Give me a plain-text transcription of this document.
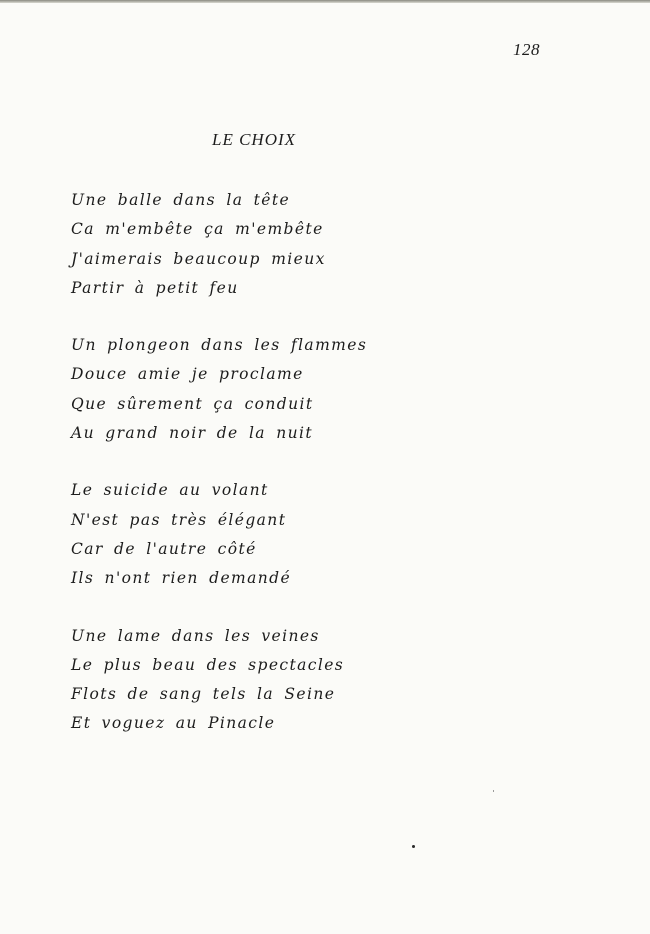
128
LE CHOIX
Une balle dans la tête
Ca m'embête ça m'embête
J'aimerais beaucoup mieux
Partir à petit feu
Un plongeon dans les flammes
Douce amie je proclame
Que sûrement ça conduit
Au grand noir de la nuit
Le suicide au volant
N'est pas très élégant
Car de l'autre côté
Ils n'ont rien demandé
Une lame dans les veines
Le plus beau des spectacles
Flots de sang tels la Seine
Et voguez au Pinacle
